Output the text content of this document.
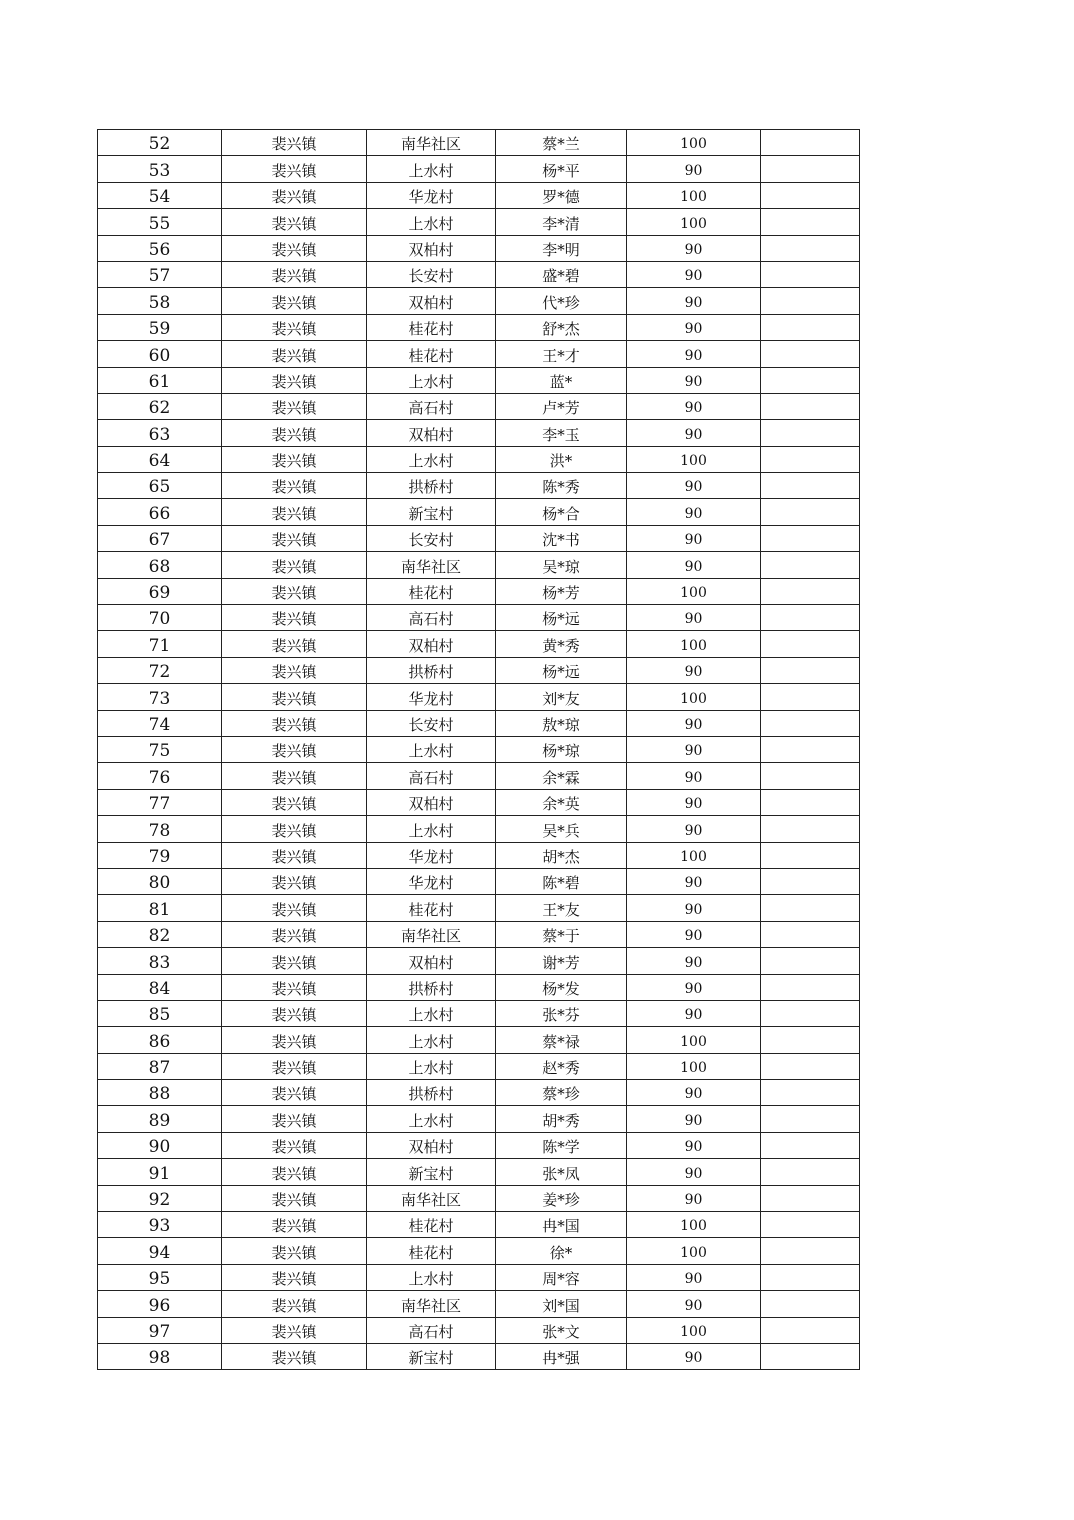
52	裴兴镇	南华社区	蔡*兰	100	
53	裴兴镇	上水村	杨*平	90	
54	裴兴镇	华龙村	罗*德	100	
55	裴兴镇	上水村	李*清	100	
56	裴兴镇	双柏村	李*明	90	
57	裴兴镇	长安村	盛*碧	90	
58	裴兴镇	双柏村	代*珍	90	
59	裴兴镇	桂花村	舒*杰	90	
60	裴兴镇	桂花村	王*才	90	
61	裴兴镇	上水村	蓝*	90	
62	裴兴镇	高石村	卢*芳	90	
63	裴兴镇	双柏村	李*玉	90	
64	裴兴镇	上水村	洪*	100	
65	裴兴镇	拱桥村	陈*秀	90	
66	裴兴镇	新宝村	杨*合	90	
67	裴兴镇	长安村	沈*书	90	
68	裴兴镇	南华社区	吴*琼	90	
69	裴兴镇	桂花村	杨*芳	100	
70	裴兴镇	高石村	杨*远	90	
71	裴兴镇	双柏村	黄*秀	100	
72	裴兴镇	拱桥村	杨*远	90	
73	裴兴镇	华龙村	刘*友	100	
74	裴兴镇	长安村	敖*琼	90	
75	裴兴镇	上水村	杨*琼	90	
76	裴兴镇	高石村	余*霖	90	
77	裴兴镇	双柏村	余*英	90	
78	裴兴镇	上水村	吴*兵	90	
79	裴兴镇	华龙村	胡*杰	100	
80	裴兴镇	华龙村	陈*碧	90	
81	裴兴镇	桂花村	王*友	90	
82	裴兴镇	南华社区	蔡*于	90	
83	裴兴镇	双柏村	谢*芳	90	
84	裴兴镇	拱桥村	杨*发	90	
85	裴兴镇	上水村	张*芬	90	
86	裴兴镇	上水村	蔡*禄	100	
87	裴兴镇	上水村	赵*秀	100	
88	裴兴镇	拱桥村	蔡*珍	90	
89	裴兴镇	上水村	胡*秀	90	
90	裴兴镇	双柏村	陈*学	90	
91	裴兴镇	新宝村	张*凤	90	
92	裴兴镇	南华社区	姜*珍	90	
93	裴兴镇	桂花村	冉*国	100	
94	裴兴镇	桂花村	徐*	100	
95	裴兴镇	上水村	周*容	90	
96	裴兴镇	南华社区	刘*国	90	
97	裴兴镇	高石村	张*文	100	
98	裴兴镇	新宝村	冉*强	90	
